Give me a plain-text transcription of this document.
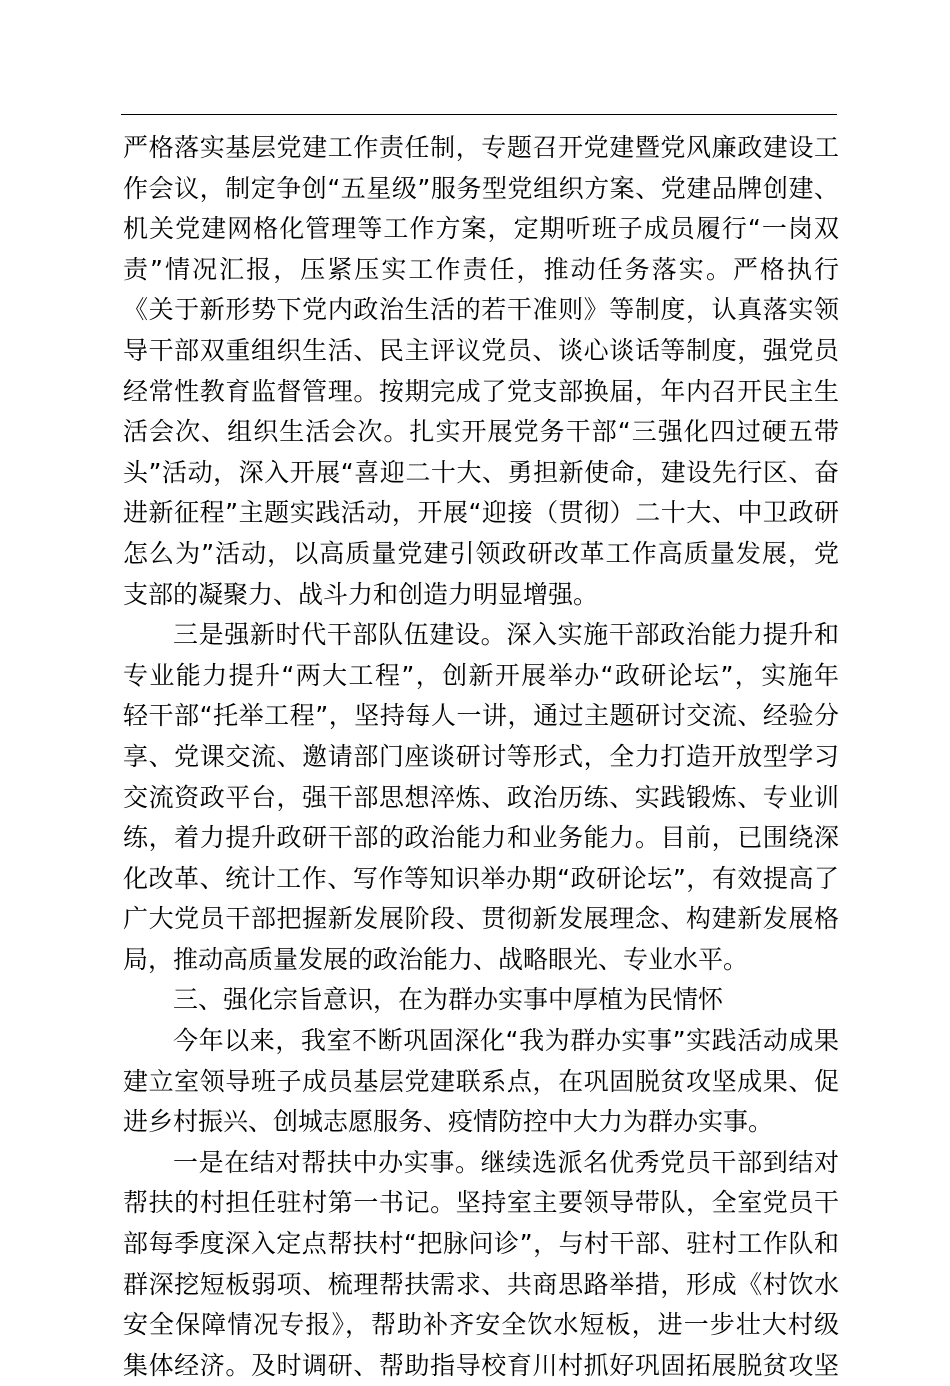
严格落实基层党建工作责任制，专题召开党建暨党风廉政建设工
作会议，制定争创“五星级”服务型党组织方案、党建品牌创建、
机关党建网格化管理等工作方案，定期听班子成员履行“一岗双
责”情况汇报，压紧压实工作责任，推动任务落实。严格执行
《关于新形势下党内政治生活的若干准则》等制度，认真落实领
导干部双重组织生活、民主评议党员、谈心谈话等制度，强党员
经常性教育监督管理。按期完成了党支部换届，年内召开民主生
活会次、组织生活会次。扎实开展党务干部“三强化四过硬五带
头”活动，深入开展“喜迎二十大、勇担新使命，建设先行区、奋
进新征程”主题实践活动，开展“迎接（贯彻）二十大、中卫政研
怎么为”活动，以高质量党建引领政研改革工作高质量发展，党
支部的凝聚力、战斗力和创造力明显增强。
三是强新时代干部队伍建设。深入实施干部政治能力提升和
专业能力提升“两大工程”，创新开展举办“政研论坛”，实施年
轻干部“托举工程”，坚持每人一讲，通过主题研讨交流、经验分
享、党课交流、邀请部门座谈研讨等形式，全力打造开放型学习
交流资政平台，强干部思想淬炼、政治历练、实践锻炼、专业训
练，着力提升政研干部的政治能力和业务能力。目前，已围绕深
化改革、统计工作、写作等知识举办期“政研论坛”，有效提高了
广大党员干部把握新发展阶段、贯彻新发展理念、构建新发展格
局，推动高质量发展的政治能力、战略眼光、专业水平。
三、强化宗旨意识，在为群办实事中厚植为民情怀
今年以来，我室不断巩固深化“我为群办实事”实践活动成果
建立室领导班子成员基层党建联系点，在巩固脱贫攻坚成果、促
进乡村振兴、创城志愿服务、疫情防控中大力为群办实事。
一是在结对帮扶中办实事。继续选派名优秀党员干部到结对
帮扶的村担任驻村第一书记。坚持室主要领导带队，全室党员干
部每季度深入定点帮扶村“把脉问诊”，与村干部、驻村工作队和
群深挖短板弱项、梳理帮扶需求、共商思路举措，形成《村饮水
安全保障情况专报》，帮助补齐安全饮水短板，进一步壮大村级
集体经济。及时调研、帮助指导校育川村抓好巩固拓展脱贫攻坚
